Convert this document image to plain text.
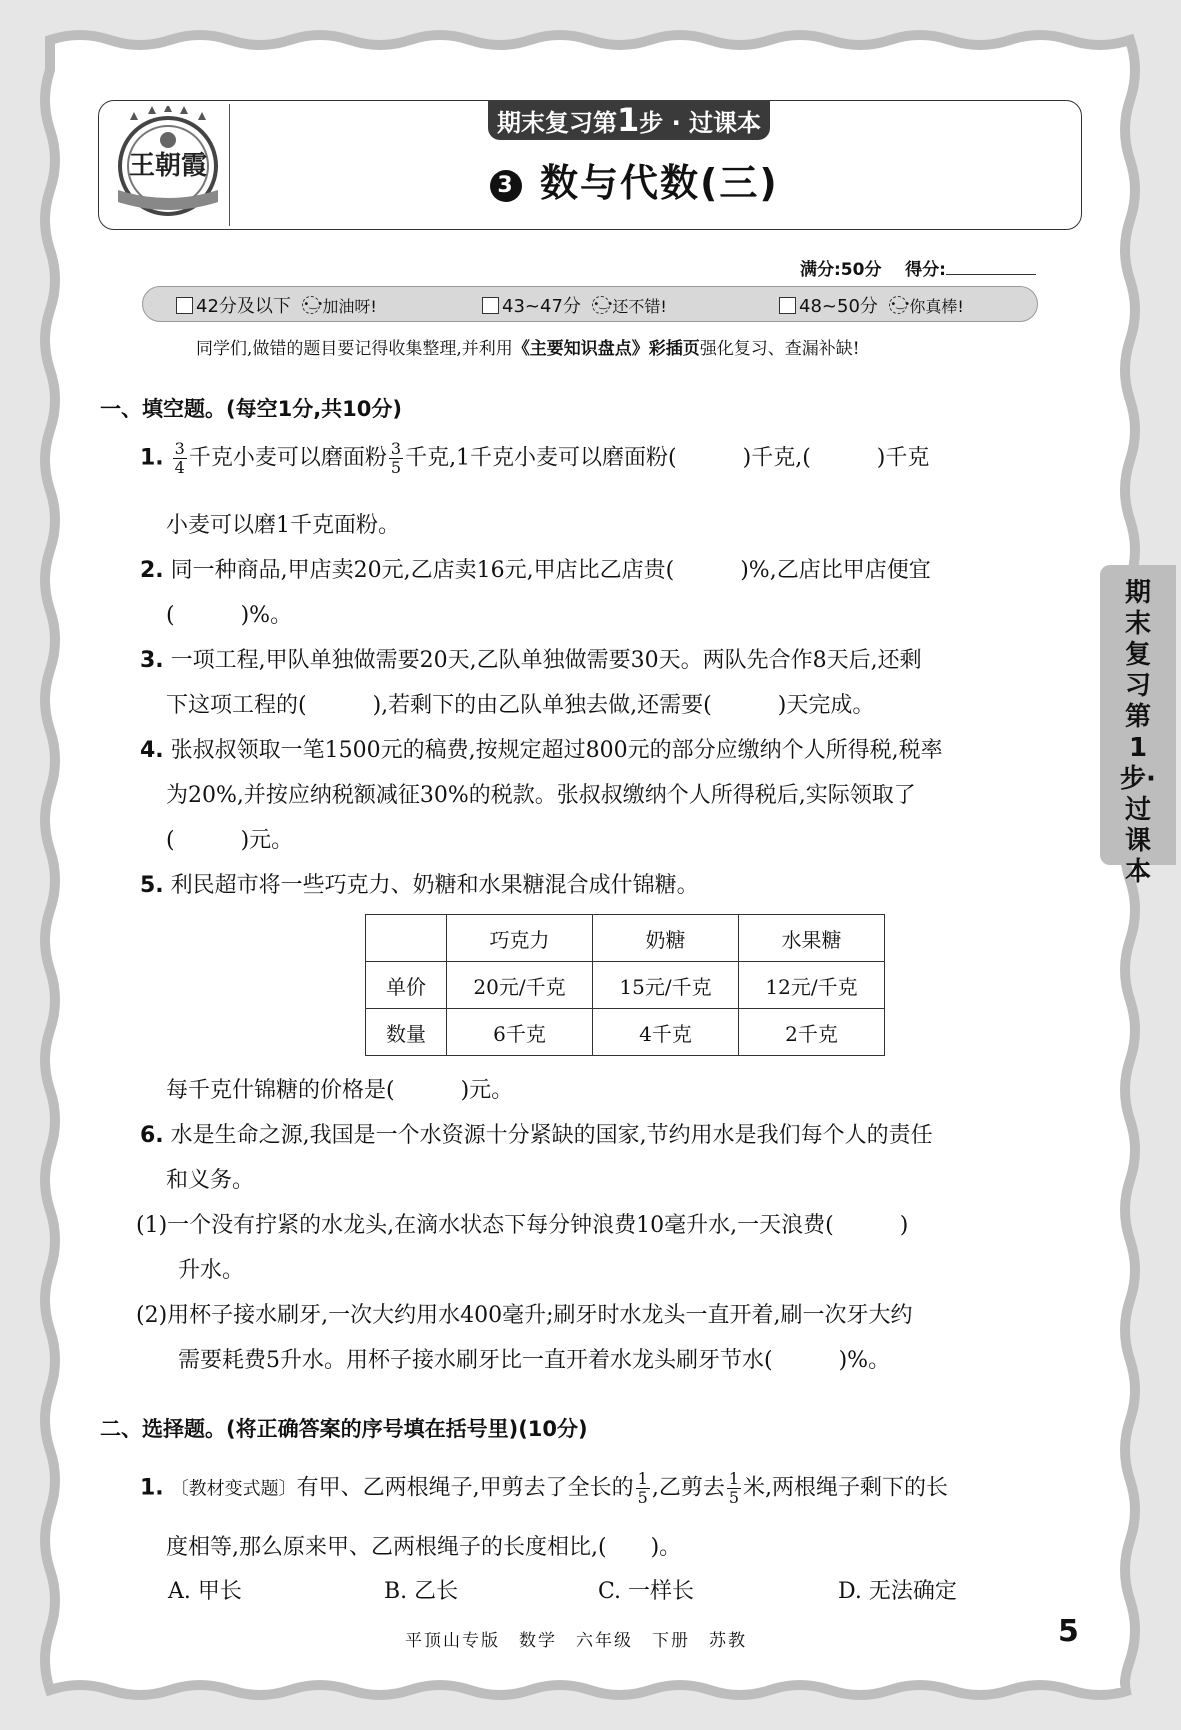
王朝霞
期末复习第1步 · 过课本
3 数与代数(三)
满分:50分 得分:
42分及以下
•‿• 加油呀!	43~47分
•‿• 还不错!	48~50分
•‿• 你真棒!
同学们,做错的题目要记得收集整理,并利用《主要知识盘点》彩插页强化复习、查漏补缺!
一、填空题。(每空1分,共10分)
1. $\frac{3}{4}$ 千克小麦可以磨面粉 $\frac{3}{5}$ 千克,1千克小麦可以磨面粉(　　　)千克,(　　　)千克
小麦可以磨1千克面粉。
2. 同一种商品,甲店卖20元,乙店卖16元,甲店比乙店贵(　　　)%,乙店比甲店便宜
(　　　)%。
3. 一项工程,甲队单独做需要20天,乙队单独做需要30天。两队先合作8天后,还剩
下这项工程的(　　　),若剩下的由乙队单独去做,还需要(　　　)天完成。
4. 张叔叔领取一笔1500元的稿费,按规定超过800元的部分应缴纳个人所得税,税率
为20%,并按应纳税额减征30%的税款。张叔叔缴纳个人所得税后,实际领取了
(　　　)元。
5. 利民超市将一些巧克力、奶糖和水果糖混合成什锦糖。
	巧克力	奶糖	水果糖
单价	20元/千克	15元/千克	12元/千克
数量	6千克	4千克	2千克
每千克什锦糖的价格是(　　　)元。
6. 水是生命之源,我国是一个水资源十分紧缺的国家,节约用水是我们每个人的责任
和义务。
(1)一个没有拧紧的水龙头,在滴水状态下每分钟浪费10毫升水,一天浪费(　　　)
升水。
(2)用杯子接水刷牙,一次大约用水400毫升;刷牙时水龙头一直开着,刷一次牙大约
需要耗费5升水。用杯子接水刷牙比一直开着水龙头刷牙节水(　　　)%。
二、选择题。(将正确答案的序号填在括号里)(10分)
1. 〔教材变式题〕有甲、乙两根绳子,甲剪去了全长的 $\frac{1}{5}$ ,乙剪去 $\frac{1}{5}$ 米,两根绳子剩下的长
度相等,那么原来甲、乙两根绳子的长度相比,(　　)。
A. 甲长	B. 乙长	C. 一样长	D. 无法确定
期末复习第1步·过课本
平顶山专版　数学　六年级　下册　苏教	5
